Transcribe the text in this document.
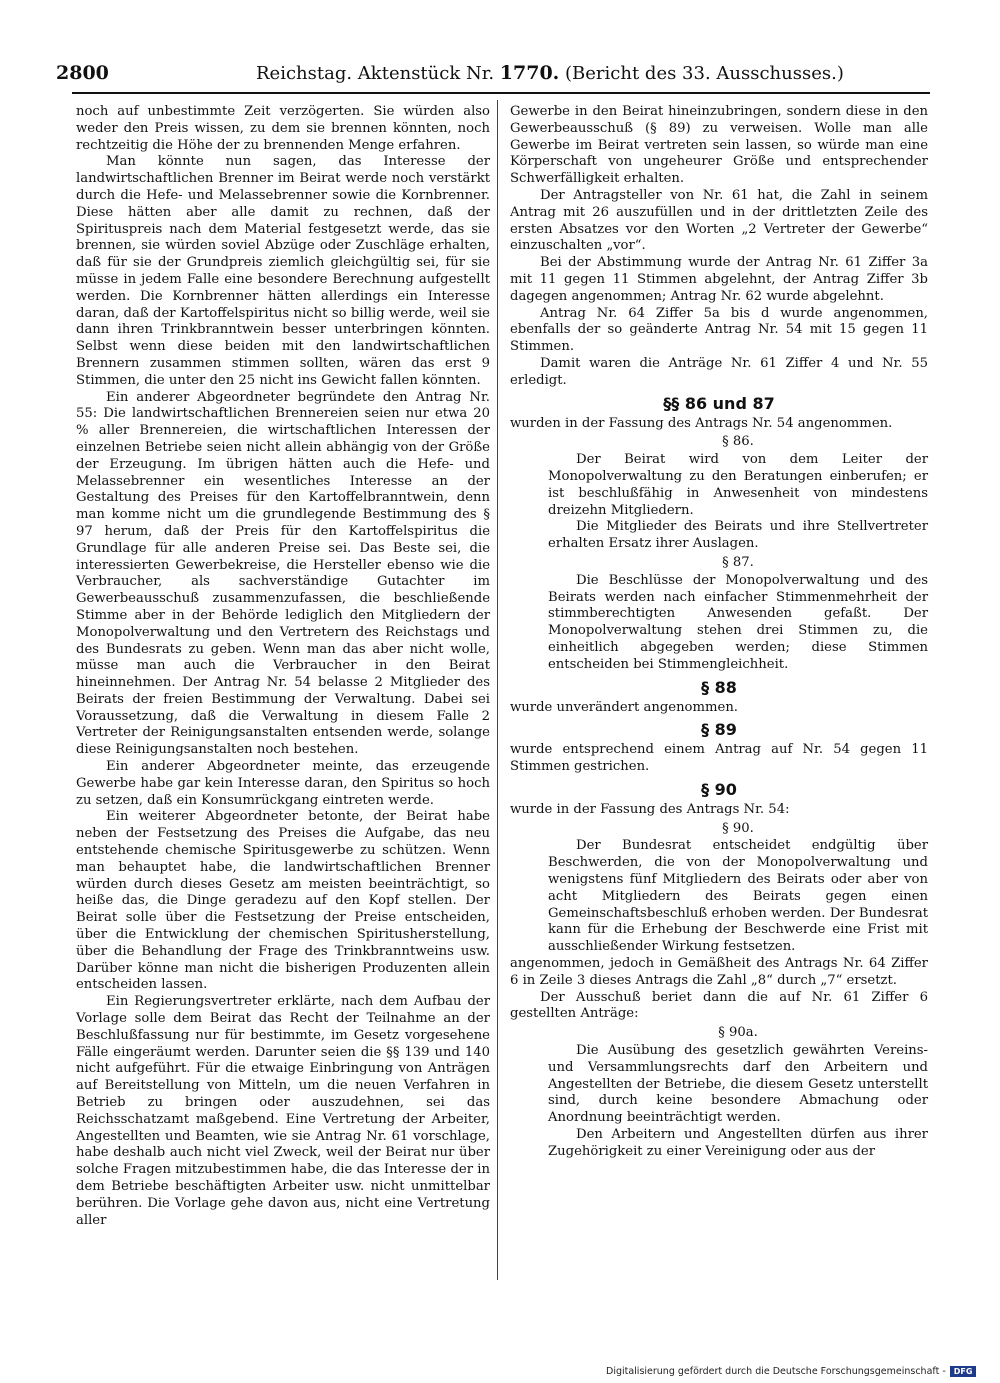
2800	Reichstag. Aktenstück Nr. 1770. (Bericht des 33. Ausschusses.)

noch auf unbestimmte Zeit verzögerten. Sie würden also weder den Preis wissen, zu dem sie brennen könnten, noch rechtzeitig die Höhe der zu brennenden Menge erfahren.

Man könnte nun sagen, das Interesse der landwirtschaftlichen Brenner im Beirat werde noch verstärkt durch die Hefe- und Melassebrenner sowie die Kornbrenner. Diese hätten aber alle damit zu rechnen, daß der Spirituspreis nach dem Material festgesetzt werde, das sie brennen, sie würden soviel Abzüge oder Zuschläge erhalten, daß für sie der Grundpreis ziemlich gleichgültig sei, für sie müsse in jedem Falle eine besondere Berechnung aufgestellt werden. Die Kornbrenner hätten allerdings ein Interesse daran, daß der Kartoffelspiritus nicht so billig werde, weil sie dann ihren Trinkbranntwein besser unterbringen könnten. Selbst wenn diese beiden mit den landwirtschaftlichen Brennern zusammen stimmen sollten, wären das erst 9 Stimmen, die unter den 25 nicht ins Gewicht fallen könnten.

Ein anderer Abgeordneter begründete den Antrag Nr. 55: Die landwirtschaftlichen Brennereien seien nur etwa 20 % aller Brennereien, die wirtschaftlichen Interessen der einzelnen Betriebe seien nicht allein abhängig von der Größe der Erzeugung. Im übrigen hätten auch die Hefe- und Melassebrenner ein wesentliches Interesse an der Gestaltung des Preises für den Kartoffelbranntwein, denn man komme nicht um die grundlegende Bestimmung des § 97 herum, daß der Preis für den Kartoffelspiritus die Grundlage für alle anderen Preise sei. Das Beste sei, die interessierten Gewerbekreise, die Hersteller ebenso wie die Verbraucher, als sachverständige Gutachter im Gewerbeausschuß zusammenzufassen, die beschließende Stimme aber in der Behörde lediglich den Mitgliedern der Monopolverwaltung und den Vertretern des Reichstags und des Bundesrats zu geben. Wenn man das aber nicht wolle, müsse man auch die Verbraucher in den Beirat hineinnehmen. Der Antrag Nr. 54 belasse 2 Mitglieder des Beirats der freien Bestimmung der Verwaltung. Dabei sei Voraussetzung, daß die Verwaltung in diesem Falle 2 Vertreter der Reinigungsanstalten entsenden werde, solange diese Reinigungsanstalten noch bestehen.

Ein anderer Abgeordneter meinte, das erzeugende Gewerbe habe gar kein Interesse daran, den Spiritus so hoch zu setzen, daß ein Konsumrückgang eintreten werde.

Ein weiterer Abgeordneter betonte, der Beirat habe neben der Festsetzung des Preises die Aufgabe, das neu entstehende chemische Spiritusgewerbe zu schützen. Wenn man behauptet habe, die landwirtschaftlichen Brenner würden durch dieses Gesetz am meisten beeinträchtigt, so heiße das, die Dinge geradezu auf den Kopf stellen. Der Beirat solle über die Festsetzung der Preise entscheiden, über die Entwicklung der chemischen Spiritusherstellung, über die Behandlung der Frage des Trinkbranntweins usw. Darüber könne man nicht die bisherigen Produzenten allein entscheiden lassen.

Ein Regierungsvertreter erklärte, nach dem Aufbau der Vorlage solle dem Beirat das Recht der Teilnahme an der Beschlußfassung nur für bestimmte, im Gesetz vorgesehene Fälle eingeräumt werden. Darunter seien die §§ 139 und 140 nicht aufgeführt. Für die etwaige Einbringung von Anträgen auf Bereitstellung von Mitteln, um die neuen Verfahren in Betrieb zu bringen oder auszudehnen, sei das Reichsschatzamt maßgebend. Eine Vertretung der Arbeiter, Angestellten und Beamten, wie sie Antrag Nr. 61 vorschlage, habe deshalb auch nicht viel Zweck, weil der Beirat nur über solche Fragen mitzubestimmen habe, die das Interesse der in dem Betriebe beschäftigten Arbeiter usw. nicht unmittelbar berühren. Die Vorlage gehe davon aus, nicht eine Vertretung aller

Gewerbe in den Beirat hineinzubringen, sondern diese in den Gewerbeausschuß (§ 89) zu verweisen. Wolle man alle Gewerbe im Beirat vertreten sein lassen, so würde man eine Körperschaft von ungeheurer Größe und entsprechender Schwerfälligkeit erhalten.

Der Antragsteller von Nr. 61 hat, die Zahl in seinem Antrag mit 26 auszufüllen und in der drittletzten Zeile des ersten Absatzes vor den Worten „2 Vertreter der Gewerbe“ einzuschalten „vor“.

Bei der Abstimmung wurde der Antrag Nr. 61 Ziffer 3a mit 11 gegen 11 Stimmen abgelehnt, der Antrag Ziffer 3b dagegen angenommen; Antrag Nr. 62 wurde abgelehnt.

Antrag Nr. 64 Ziffer 5a bis d wurde angenommen, ebenfalls der so geänderte Antrag Nr. 54 mit 15 gegen 11 Stimmen.

Damit waren die Anträge Nr. 61 Ziffer 4 und Nr. 55 erledigt.

§§ 86 und 87

wurden in der Fassung des Antrags Nr. 54 angenommen.

§ 86.

Der Beirat wird von dem Leiter der Monopolverwaltung zu den Beratungen einberufen; er ist beschlußfähig in Anwesenheit von mindestens dreizehn Mitgliedern.

Die Mitglieder des Beirats und ihre Stellvertreter erhalten Ersatz ihrer Auslagen.

§ 87.

Die Beschlüsse der Monopolverwaltung und des Beirats werden nach einfacher Stimmenmehrheit der stimmberechtigten Anwesenden gefaßt. Der Monopolverwaltung stehen drei Stimmen zu, die einheitlich abgegeben werden; diese Stimmen entscheiden bei Stimmengleichheit.

§ 88

wurde unverändert angenommen.

§ 89

wurde entsprechend einem Antrag auf Nr. 54 gegen 11 Stimmen gestrichen.

§ 90

wurde in der Fassung des Antrags Nr. 54:

§ 90.

Der Bundesrat entscheidet endgültig über Beschwerden, die von der Monopolverwaltung und wenigstens fünf Mitgliedern des Beirats oder aber von acht Mitgliedern des Beirats gegen einen Gemeinschaftsbeschluß erhoben werden. Der Bundesrat kann für die Erhebung der Beschwerde eine Frist mit ausschließender Wirkung festsetzen.

angenommen, jedoch in Gemäßheit des Antrags Nr. 64 Ziffer 6 in Zeile 3 dieses Antrags die Zahl „8“ durch „7“ ersetzt.

Der Ausschuß beriet dann die auf Nr. 61 Ziffer 6 gestellten Anträge:

§ 90a.

Die Ausübung des gesetzlich gewährten Vereins- und Versammlungsrechts darf den Arbeitern und Angestellten der Betriebe, die diesem Gesetz unterstellt sind, durch keine besondere Abmachung oder Anordnung beeinträchtigt werden.

Den Arbeitern und Angestellten dürfen aus ihrer Zugehörigkeit zu einer Vereinigung oder aus der

Digitalisierung gefördert durch die Deutsche Forschungsgemeinschaft - DFG
